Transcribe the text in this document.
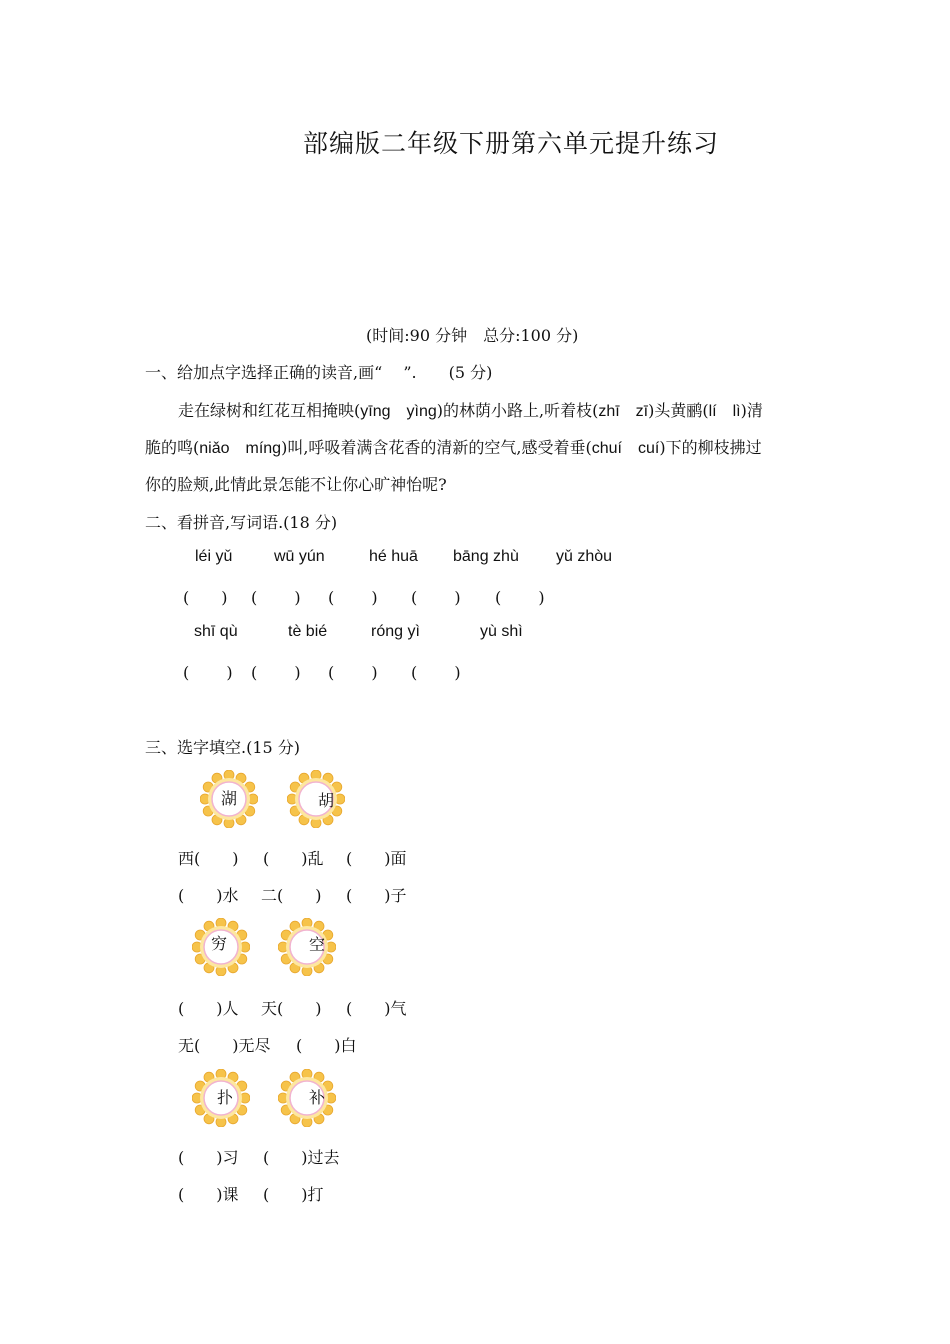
部编版二年级下册第六单元提升练习
(时间:90 分钟　总分:100 分)
一、给加点字选择正确的读音,画“　 ”.　　(5 分)
走在绿树和红花互相掩映(yīng　yìng)的林荫小路上,听着枝(zhī　zī)头黄鹂(lí　lì)清
脆的鸣(niǎo　míng)叫,呼吸着满含花香的清新的空气,感受着垂(chuí　cuí)下的柳枝拂过
你的脸颊,此情此景怎能不让你心旷神怡呢?
二、看拼音,写词语.(18 分)
léi yǔ	wū yún	hé huā bāng zhù yǔ zhòu
(　　) (　　 ) (　　 ) (　　 ) (　　 )
shī qù	tè bié	róng yì	yù shì
(　　 ) (　　 ) (　　 ) (　　 )
三、选字填空.(15 分)
湖	胡
西(　　) (　　)乱 (　　)面
(　　)水 二(　　) (　　)子
穷	空
(　　)人 天(　　) (　　)气
无(　　)无尽 (　　)白
扑	补
(　　)习 (　　)过去
(　　)课 (　　)打
